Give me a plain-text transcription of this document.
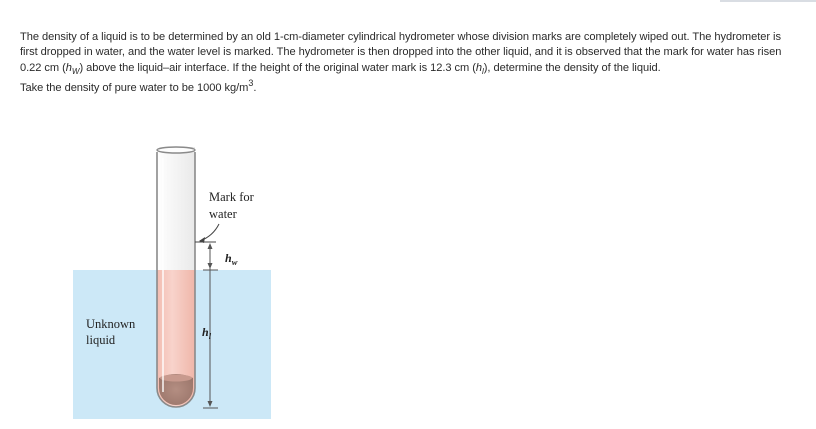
The density of a liquid is to be determined by an old 1-cm-diameter cylindrical hydrometer whose division marks are completely wiped out. The hydrometer is first dropped in water, and the water level is marked. The hydrometer is then dropped into the other liquid, and it is observed that the mark for water has risen 0.22 cm $(h_W)$ above the liquid–air interface. If the height of the original water mark is 12.3 cm $(h_l)$, determine the density of the liquid.

Take the density of pure water to be 1000 $kg/m^3$.

Mark for
water
$h_w$
$h_l$
Unknown
liquid
